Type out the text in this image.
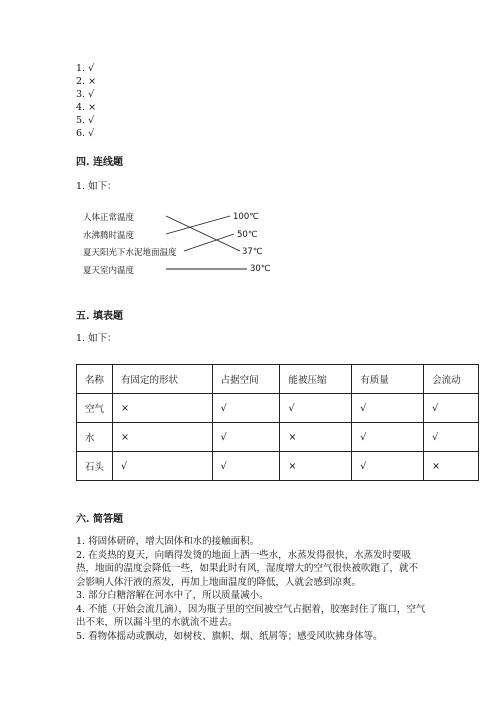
1. √
2. ×
3. √
4. ×
5. √
6. √
四. 连线题
1. 如下：
人体正常温度
水沸腾时温度
夏天阳光下水泥地面温度
夏天室内温度
100℃
50℃
37℃
30℃
五. 填表题
1. 如下：
名称	有固定的形状	占据空间	能被压缩	有质量	会流动
空气	×	√	√	√	√
水	×	√	×	√	√
石头	√	√	×	√	×
六. 简答题

1. 将固体研碎，增大固体和水的接触面积。

2. 在炎热的夏天，向晒得发烫的地面上洒一些水，水蒸发得很快，水蒸发时要吸热，地面的温度会降低一些，如果此时有风，湿度增大的空气很快被吹跑了，就不会影响人体汗液的蒸发，再加上地面温度的降低，人就会感到凉爽。

3. 部分白糖溶解在河水中了，所以质量减小。

4. 不能（开始会流几滴），因为瓶子里的空间被空气占据着，胶塞封住了瓶口，空气出不来，所以漏斗里的水就流不进去。

5. 看物体摇动或飘动，如树枝、旗帜、烟、纸屑等；感受风吹拂身体等。
